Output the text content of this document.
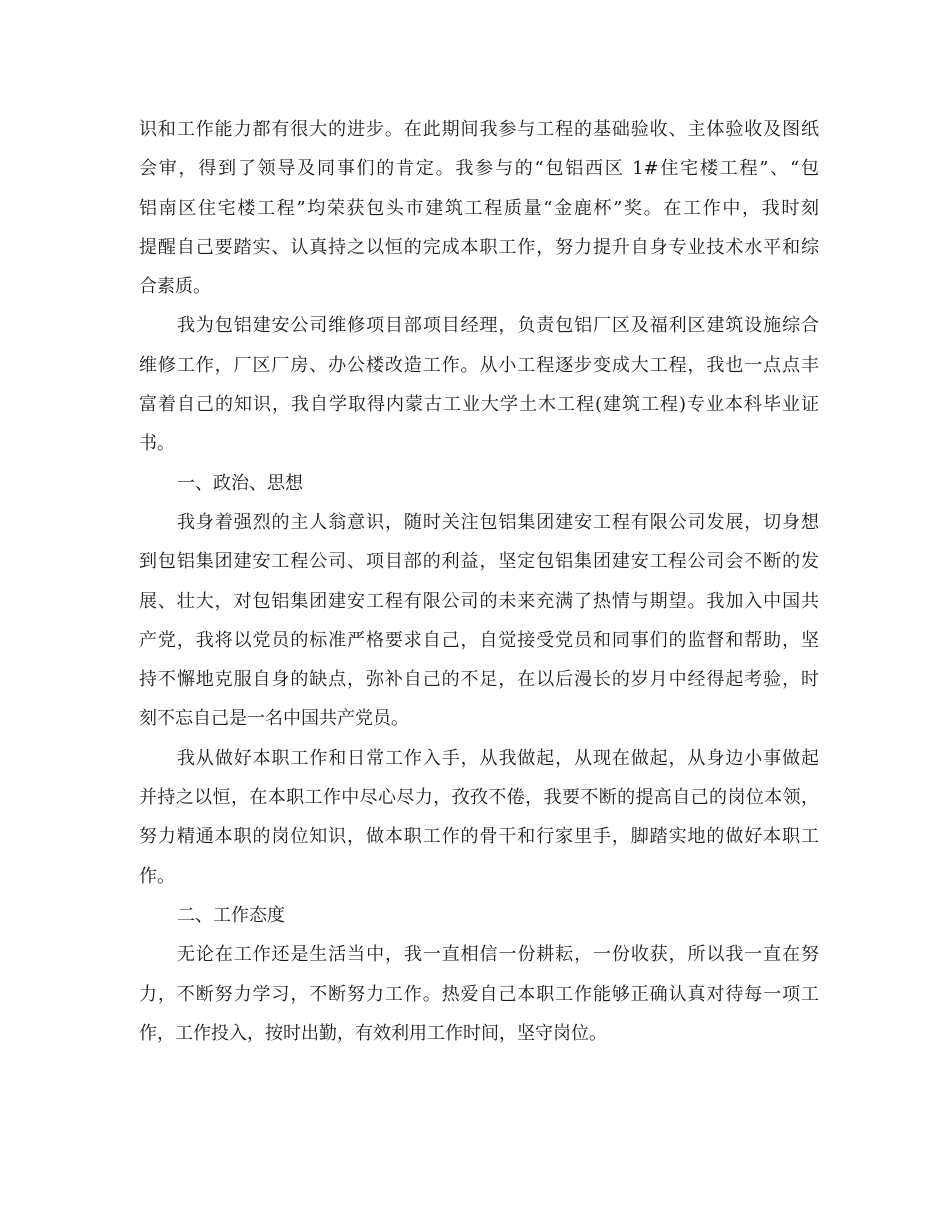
识和工作能力都有很大的进步。在此期间我参与工程的基础验收、主体验收及图纸
会审，得到了领导及同事们的肯定。我参与的“包铝西区 1#住宅楼工程”、“包
铝南区住宅楼工程”均荣获包头市建筑工程质量“金鹿杯”奖。在工作中，我时刻
提醒自己要踏实、认真持之以恒的完成本职工作，努力提升自身专业技术水平和综
合素质。
我为包铝建安公司维修项目部项目经理，负责包铝厂区及福利区建筑设施综合
维修工作，厂区厂房、办公楼改造工作。从小工程逐步变成大工程，我也一点点丰
富着自己的知识，我自学取得内蒙古工业大学土木工程(建筑工程)专业本科毕业证
书。
一、政治、思想
我身着强烈的主人翁意识，随时关注包铝集团建安工程有限公司发展，切身想
到包铝集团建安工程公司、项目部的利益，坚定包铝集团建安工程公司会不断的发
展、壮大，对包铝集团建安工程有限公司的未来充满了热情与期望。我加入中国共
产党，我将以党员的标准严格要求自己，自觉接受党员和同事们的监督和帮助，坚
持不懈地克服自身的缺点，弥补自己的不足，在以后漫长的岁月中经得起考验，时
刻不忘自己是一名中国共产党员。
我从做好本职工作和日常工作入手，从我做起，从现在做起，从身边小事做起
并持之以恒，在本职工作中尽心尽力，孜孜不倦，我要不断的提高自己的岗位本领，
努力精通本职的岗位知识，做本职工作的骨干和行家里手，脚踏实地的做好本职工
作。
二、工作态度
无论在工作还是生活当中，我一直相信一份耕耘，一份收获，所以我一直在努
力，不断努力学习，不断努力工作。热爱自己本职工作能够正确认真对待每一项工
作，工作投入，按时出勤，有效利用工作时间，坚守岗位。
